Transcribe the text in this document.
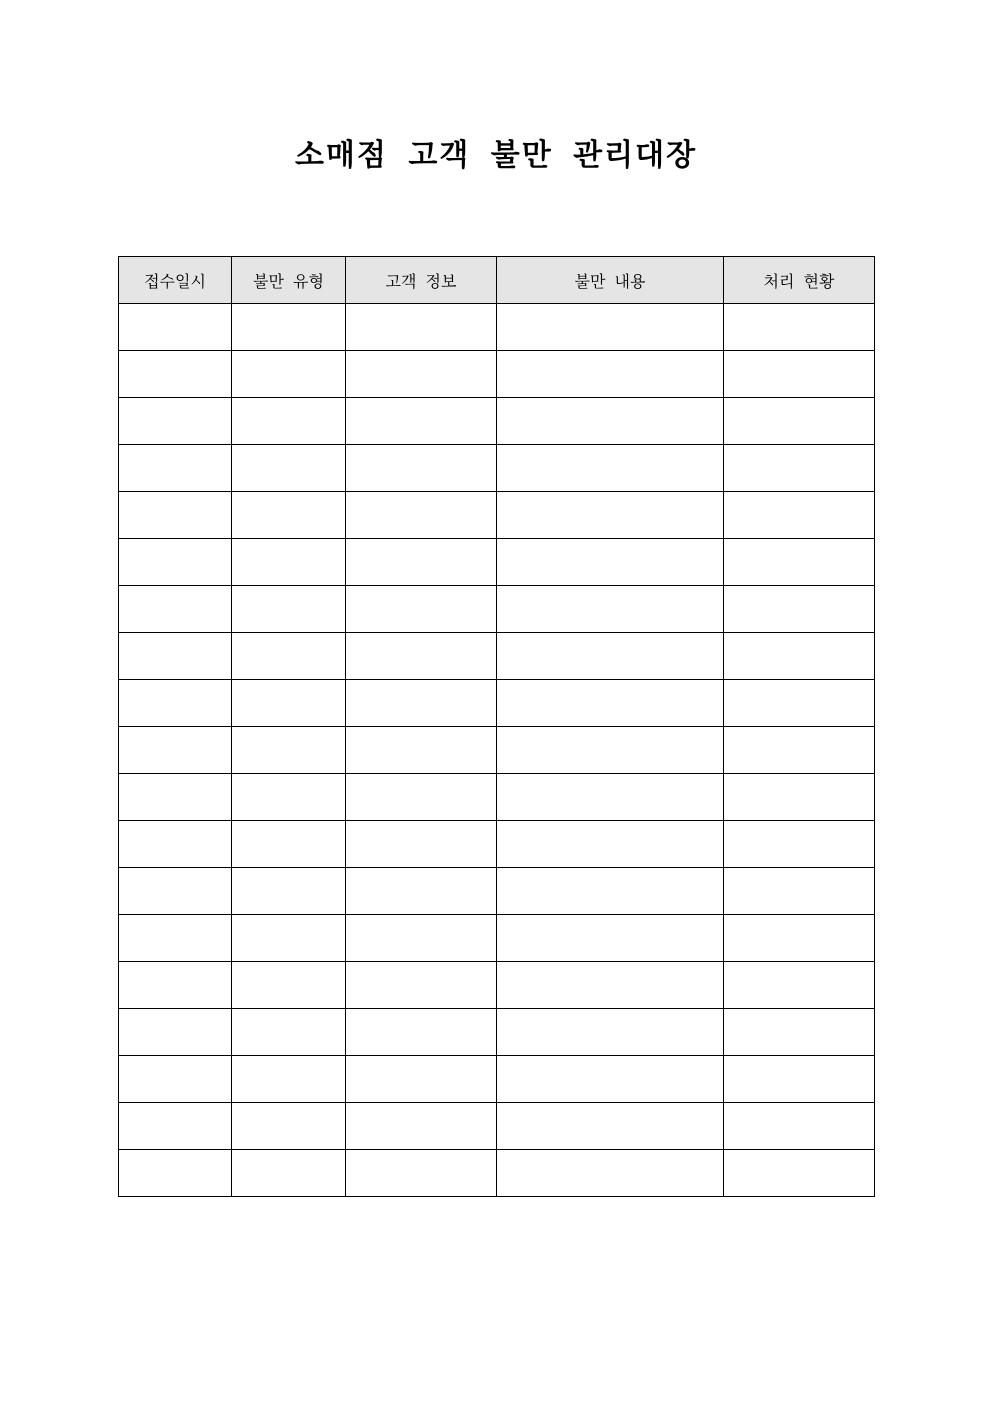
소매점 고객 불만 관리대장
접수일시	불만 유형	고객 정보	불만 내용	처리 현황
